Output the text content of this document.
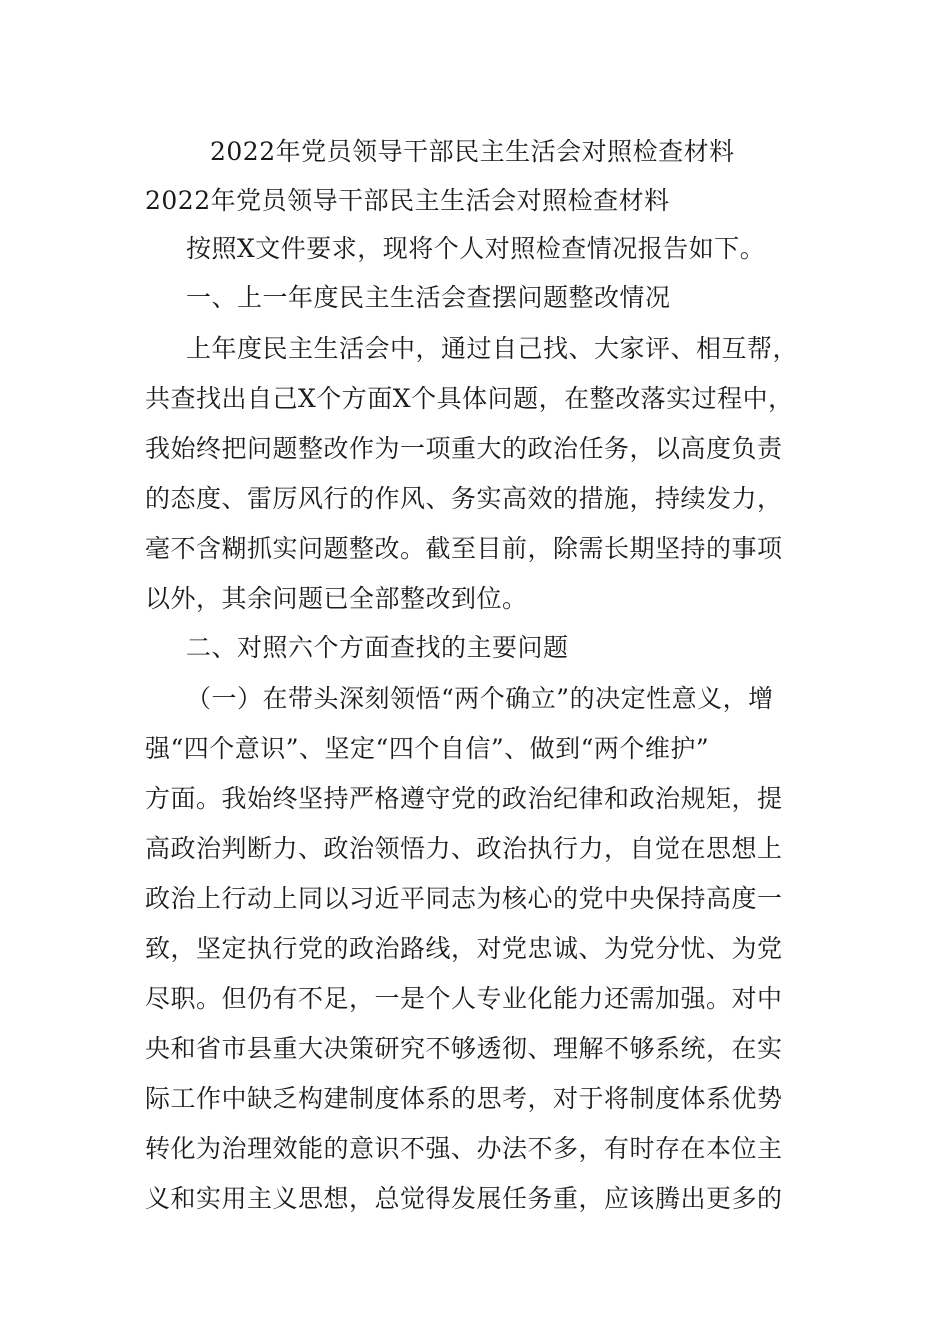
2022年党员领导干部民主生活会对照检查材料
2022年党员领导干部民主生活会对照检查材料
按照X文件要求，现将个人对照检查情况报告如下。
一、上一年度民主生活会查摆问题整改情况
上年度民主生活会中，通过自己找、大家评、相互帮，
共查找出自己X个方面X个具体问题，在整改落实过程中，
我始终把问题整改作为一项重大的政治任务，以高度负责
的态度、雷厉风行的作风、务实高效的措施，持续发力，
毫不含糊抓实问题整改。截至目前，除需长期坚持的事项
以外，其余问题已全部整改到位。
二、对照六个方面查找的主要问题
（一）在带头深刻领悟“两个确立”的决定性意义，增
强“四个意识”、坚定“四个自信”、做到“两个维护”
方面。我始终坚持严格遵守党的政治纪律和政治规矩，提
高政治判断力、政治领悟力、政治执行力，自觉在思想上
政治上行动上同以习近平同志为核心的党中央保持高度一
致，坚定执行党的政治路线，对党忠诚、为党分忧、为党
尽职。但仍有不足，一是个人专业化能力还需加强。对中
央和省市县重大决策研究不够透彻、理解不够系统，在实
际工作中缺乏构建制度体系的思考，对于将制度体系优势
转化为治理效能的意识不强、办法不多，有时存在本位主
义和实用主义思想，总觉得发展任务重，应该腾出更多的
